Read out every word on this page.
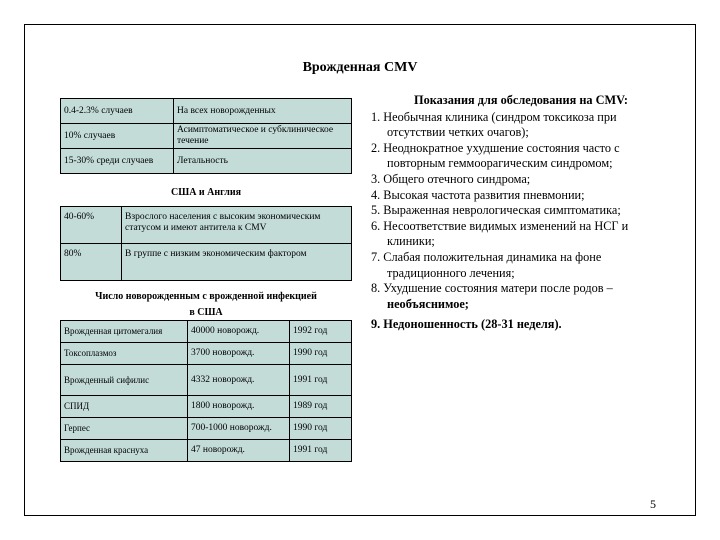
Врожденная CMV
0.4-2.3% случаев	На всех новорожденных
10% случаев	Асимптоматическое и субклиническое течение
15-30% среди случаев	Летальность
США и Англия
40-60%	Взрослого населения с высоким экономическим статусом и имеют антитела к CMV
80%	В группе с низким экономическим фактором
Число новорожденным с врожденной инфекцией
в США
Врожденная цитомегалия	40000 новорожд.	1992 год
Токсоплазмоз	3700 новорожд.	1990 год
Врожденный сифилис	4332 новорожд.	1991 год
СПИД	1800 новорожд.	1989 год
Герпес	700-1000 новорожд.	1990 год
Врожденная краснуха	47 новорожд.	1991 год
Показания для обследования на CMV:
1. Необычная клиника (синдром токсикоза при отсутствии четких очагов);
2. Неоднократное ухудшение состояния часто с повторным геммоорагическим синдромом;
3. Общего отечного синдрома;
4. Высокая частота развития пневмонии;
5. Выраженная неврологическая симптоматика;
6. Несоответствие видимых изменений на НСГ и клиники;
7. Слабая положительная динамика на фоне традиционного лечения;
8. Ухудшение состояния матери после родов –
необъяснимое;
9. Недоношенность (28-31 неделя).
5
